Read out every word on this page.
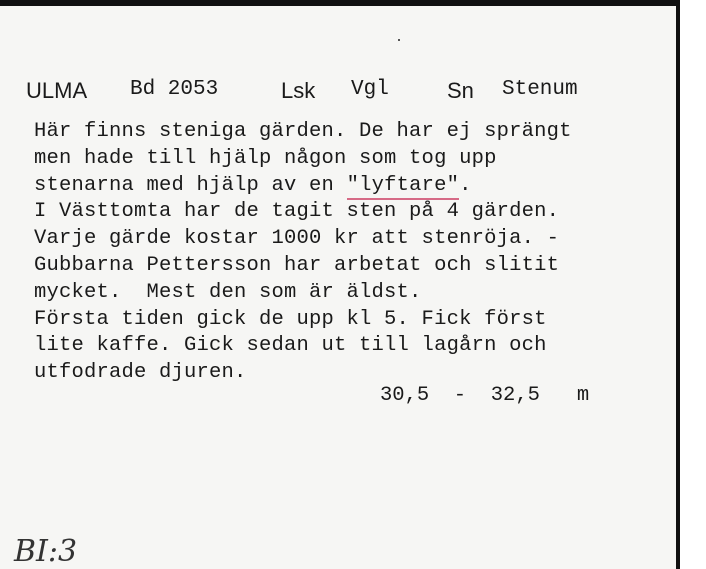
ULMA Bd 2053	Lsk Vgl	Sn Stenum
Här finns steniga gärden. De har ej sprängt
men hade till hjälp någon som tog upp
stenarna med hjälp av en "lyftare".
I Västtomta har de tagit sten på 4 gärden.
Varje gärde kostar 1000 kr att stenröja. -
Gubbarna Pettersson har arbetat och slitit
mycket.  Mest den som är äldst.
Första tiden gick de upp kl 5. Fick först
lite kaffe. Gick sedan ut till lagårn och
utfodrade djuren.
30,5  -  32,5   m
BI:3
